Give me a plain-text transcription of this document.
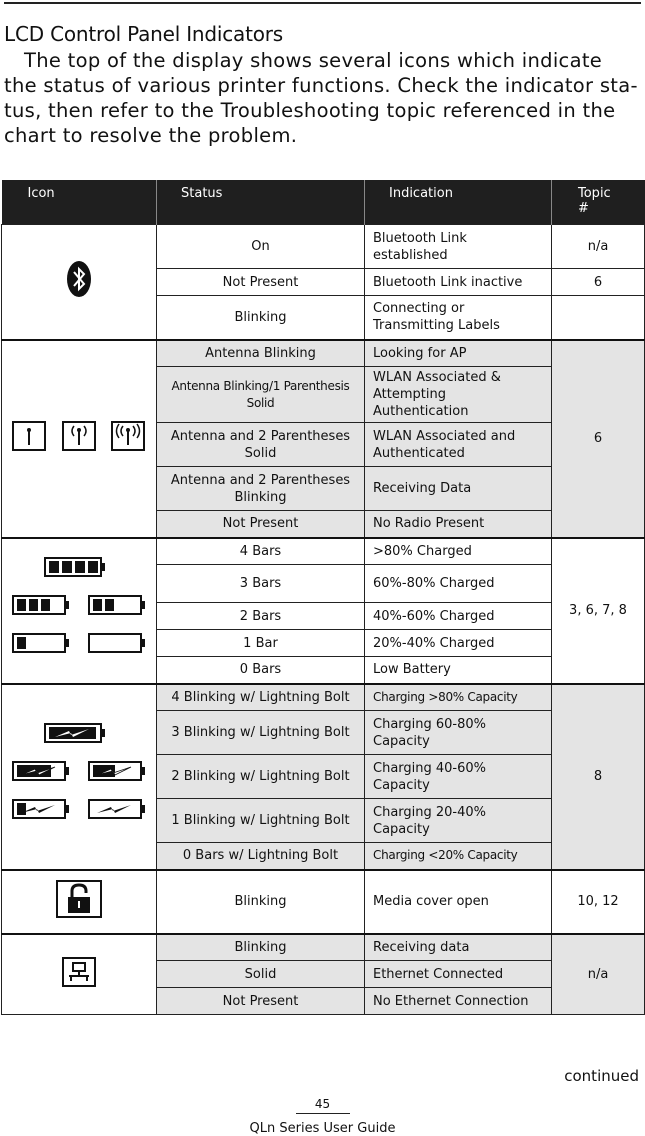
LCD Control Panel Indicators
The top of the display shows several icons which indicate
the status of various printer functions. Check the indicator sta-
tus, then refer to the Troubleshooting topic referenced in the
chart to resolve the problem.
Icon	Status	Indication	Topic #

	On	Bluetooth Link established	n/a
	Not Present	Bluetooth Link inactive	6
	Blinking	Connecting or Transmitting Labels	
	Antenna Blinking	Looking for AP	6
	Antenna Blinking/1 Parenthesis Solid	WLAN Associated & Attempting Authentication	
	Antenna and 2 Parentheses Solid	WLAN Associated and Authenticated	
	Antenna and 2 Parentheses Blinking	Receiving Data	
	Not Present	No Radio Present	
	4 Bars	>80% Charged	3, 6, 7, 8
	3 Bars	60%-80% Charged	
	2 Bars	40%-60% Charged	
	1 Bar	20%-40% Charged	
	0 Bars	Low Battery	
	4 Blinking w/ Lightning Bolt	Charging >80% Capacity	8
	3 Blinking w/ Lightning Bolt	Charging 60-80% Capacity	
	2 Blinking w/ Lightning Bolt	Charging 40-60% Capacity	
	1 Blinking w/ Lightning Bolt	Charging 20-40% Capacity	
	0 Bars w/ Lightning Bolt	Charging <20% Capacity	
	Blinking	Media cover open	10, 12
	Blinking	Receiving data	n/a
	Solid	Ethernet Connected	
	Not Present	No Ethernet Connection	
continued
45
QLn Series User Guide
